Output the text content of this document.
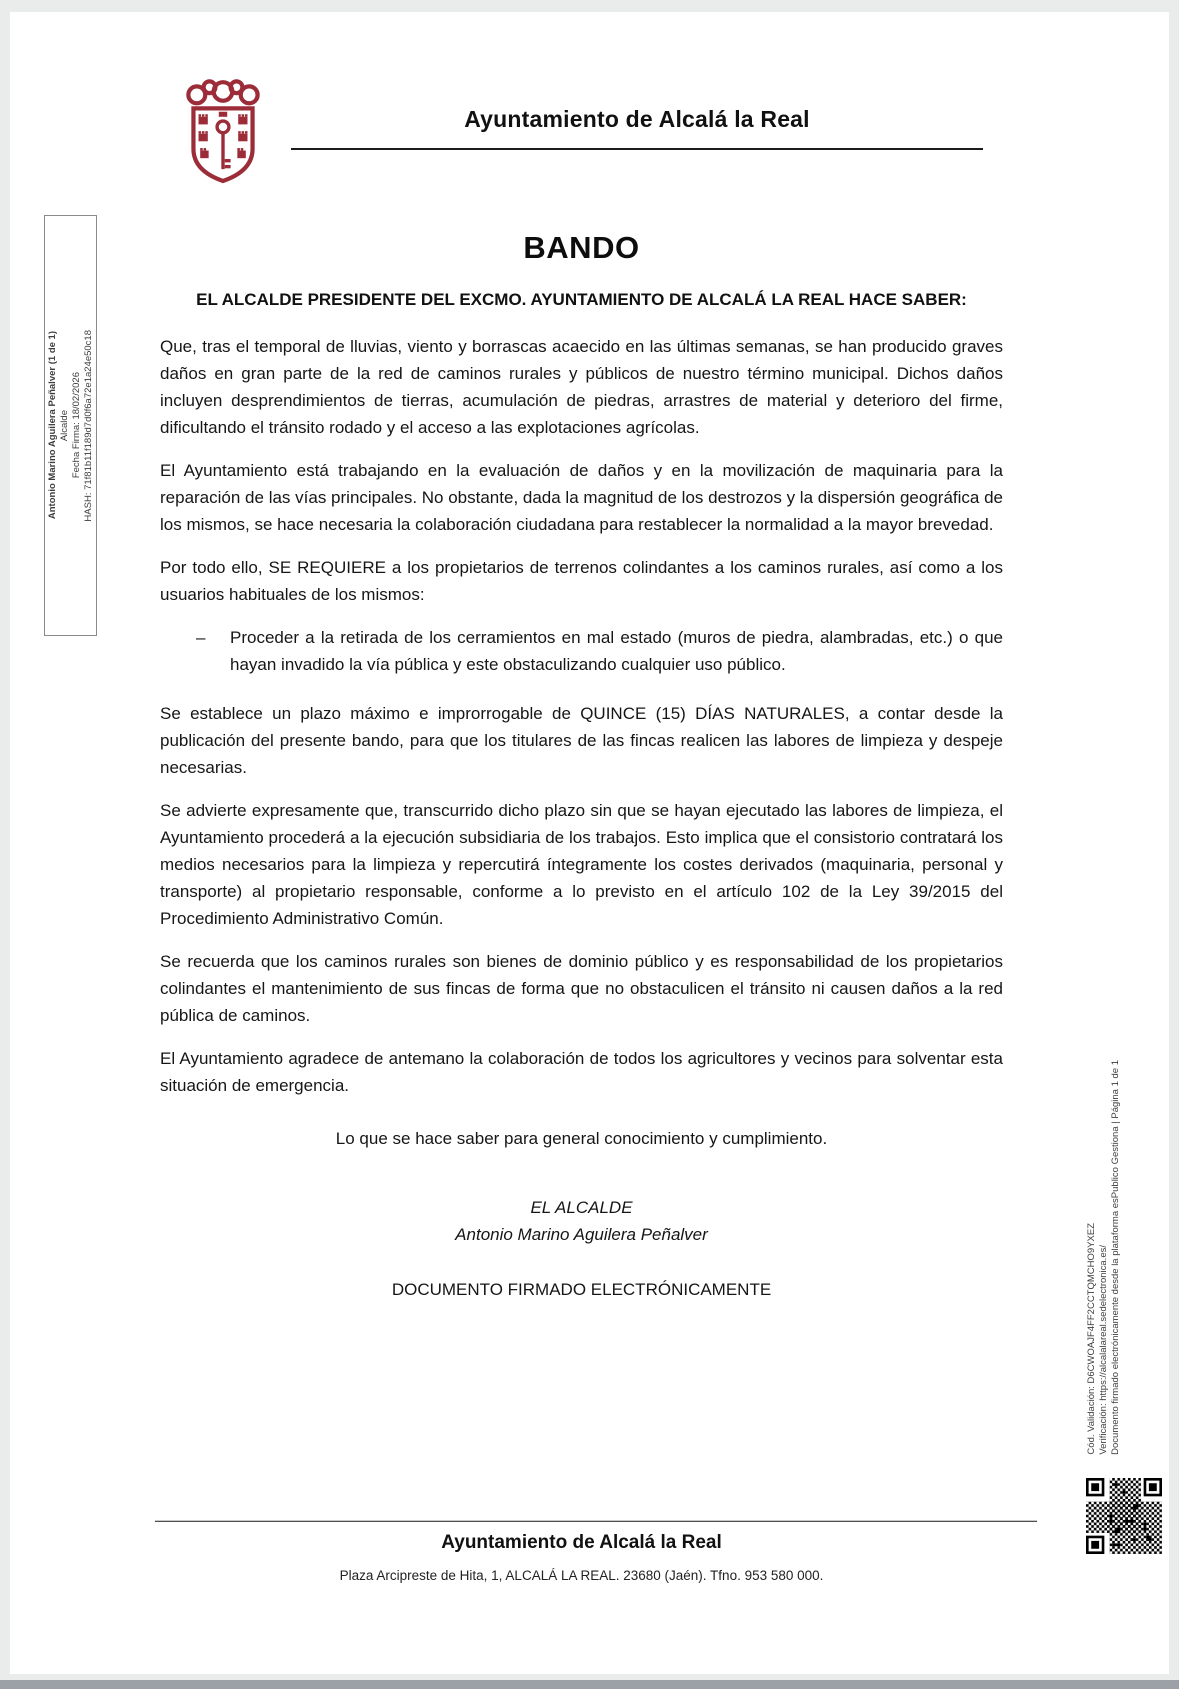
Ayuntamiento de Alcalá la Real
Antonio Marino Aguilera Peñalver (1 de 1) Alcalde Fecha Firma: 18/02/2026 HASH: 71f81b11f189d7d0f6a72e1a24e50c18
BANDO
EL ALCALDE PRESIDENTE DEL EXCMO. AYUNTAMIENTO DE ALCALÁ LA REAL HACE SABER:

Que, tras el temporal de lluvias, viento y borrascas acaecido en las últimas semanas, se han producido graves daños en gran parte de la red de caminos rurales y públicos de nuestro término municipal. Dichos daños incluyen desprendimientos de tierras, acumulación de piedras, arrastres de material y deterioro del firme, dificultando el tránsito rodado y el acceso a las explotaciones agrícolas.

El Ayuntamiento está trabajando en la evaluación de daños y en la movilización de maquinaria para la reparación de las vías principales. No obstante, dada la magnitud de los destrozos y la dispersión geográfica de los mismos, se hace necesaria la colaboración ciudadana para restablecer la normalidad a la mayor brevedad.

Por todo ello, SE REQUIERE a los propietarios de terrenos colindantes a los caminos rurales, así como a los usuarios habituales de los mismos:

–	Proceder a la retirada de los cerramientos en mal estado (muros de piedra, alambradas, etc.) o que hayan invadido la vía pública y este obstaculizando cualquier uso público.

Se establece un plazo máximo e improrrogable de QUINCE (15) DÍAS NATURALES, a contar desde la publicación del presente bando, para que los titulares de las fincas realicen las labores de limpieza y despeje necesarias.

Se advierte expresamente que, transcurrido dicho plazo sin que se hayan ejecutado las labores de limpieza, el Ayuntamiento procederá a la ejecución subsidiaria de los trabajos. Esto implica que el consistorio contratará los medios necesarios para la limpieza y repercutirá íntegramente los costes derivados (maquinaria, personal y transporte) al propietario responsable, conforme a lo previsto en el artículo 102 de la Ley 39/2015 del Procedimiento Administrativo Común.

Se recuerda que los caminos rurales son bienes de dominio público y es responsabilidad de los propietarios colindantes el mantenimiento de sus fincas de forma que no obstaculicen el tránsito ni causen daños a la red pública de caminos.

El Ayuntamiento agradece de antemano la colaboración de todos los agricultores y vecinos para solventar esta situación de emergencia.

Lo que se hace saber para general conocimiento y cumplimiento.

EL ALCALDE

Antonio Marino Aguilera Peñalver

DOCUMENTO FIRMADO ELECTRÓNICAMENTE

Ayuntamiento de Alcalá la Real
Plaza Arcipreste de Hita, 1, ALCALÁ LA REAL. 23680 (Jaén). Tfno. 953 580 000.
Cód. Validación: D6CWOAJF4FF2CCTQMCHO9YXEZ Verificación: https://alcalalareal.sedelectronica.es/ Documento firmado electrónicamente desde la plataforma esPublico Gestiona | Página 1 de 1
